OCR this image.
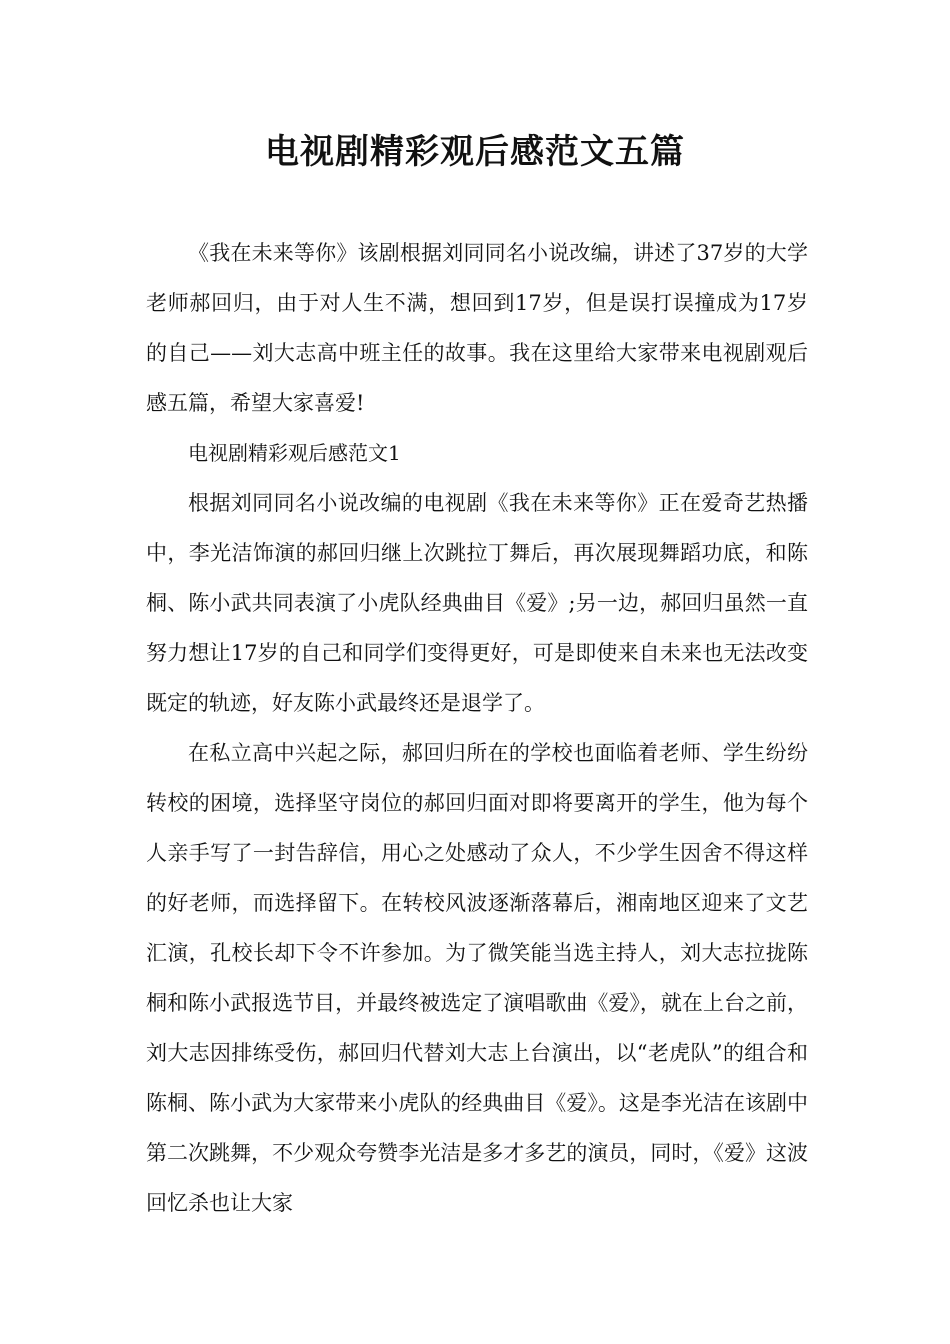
电视剧精彩观后感范文五篇

《我在未来等你》该剧根据刘同同名小说改编，讲述了37岁的大学老师郝回归，由于对人生不满，想回到17岁，但是误打误撞成为17岁的自己——刘大志高中班主任的故事。我在这里给大家带来电视剧观后感五篇，希望大家喜爱!

电视剧精彩观后感范文1

根据刘同同名小说改编的电视剧《我在未来等你》正在爱奇艺热播中，李光洁饰演的郝回归继上次跳拉丁舞后，再次展现舞蹈功底，和陈桐、陈小武共同表演了小虎队经典曲目《爱》;另一边，郝回归虽然一直努力想让17岁的自己和同学们变得更好，可是即使来自未来也无法改变既定的轨迹，好友陈小武最终还是退学了。

在私立高中兴起之际，郝回归所在的学校也面临着老师、学生纷纷转校的困境，选择坚守岗位的郝回归面对即将要离开的学生，他为每个人亲手写了一封告辞信，用心之处感动了众人，不少学生因舍不得这样的好老师，而选择留下。在转校风波逐渐落幕后，湘南地区迎来了文艺汇演，孔校长却下令不许参加。为了微笑能当选主持人，刘大志拉拢陈桐和陈小武报选节目，并最终被选定了演唱歌曲《爱》，就在上台之前，刘大志因排练受伤，郝回归代替刘大志上台演出，以“老虎队”的组合和陈桐、陈小武为大家带来小虎队的经典曲目《爱》。这是李光洁在该剧中第二次跳舞，不少观众夸赞李光洁是多才多艺的演员，同时，《爱》这波回忆杀也让大家
